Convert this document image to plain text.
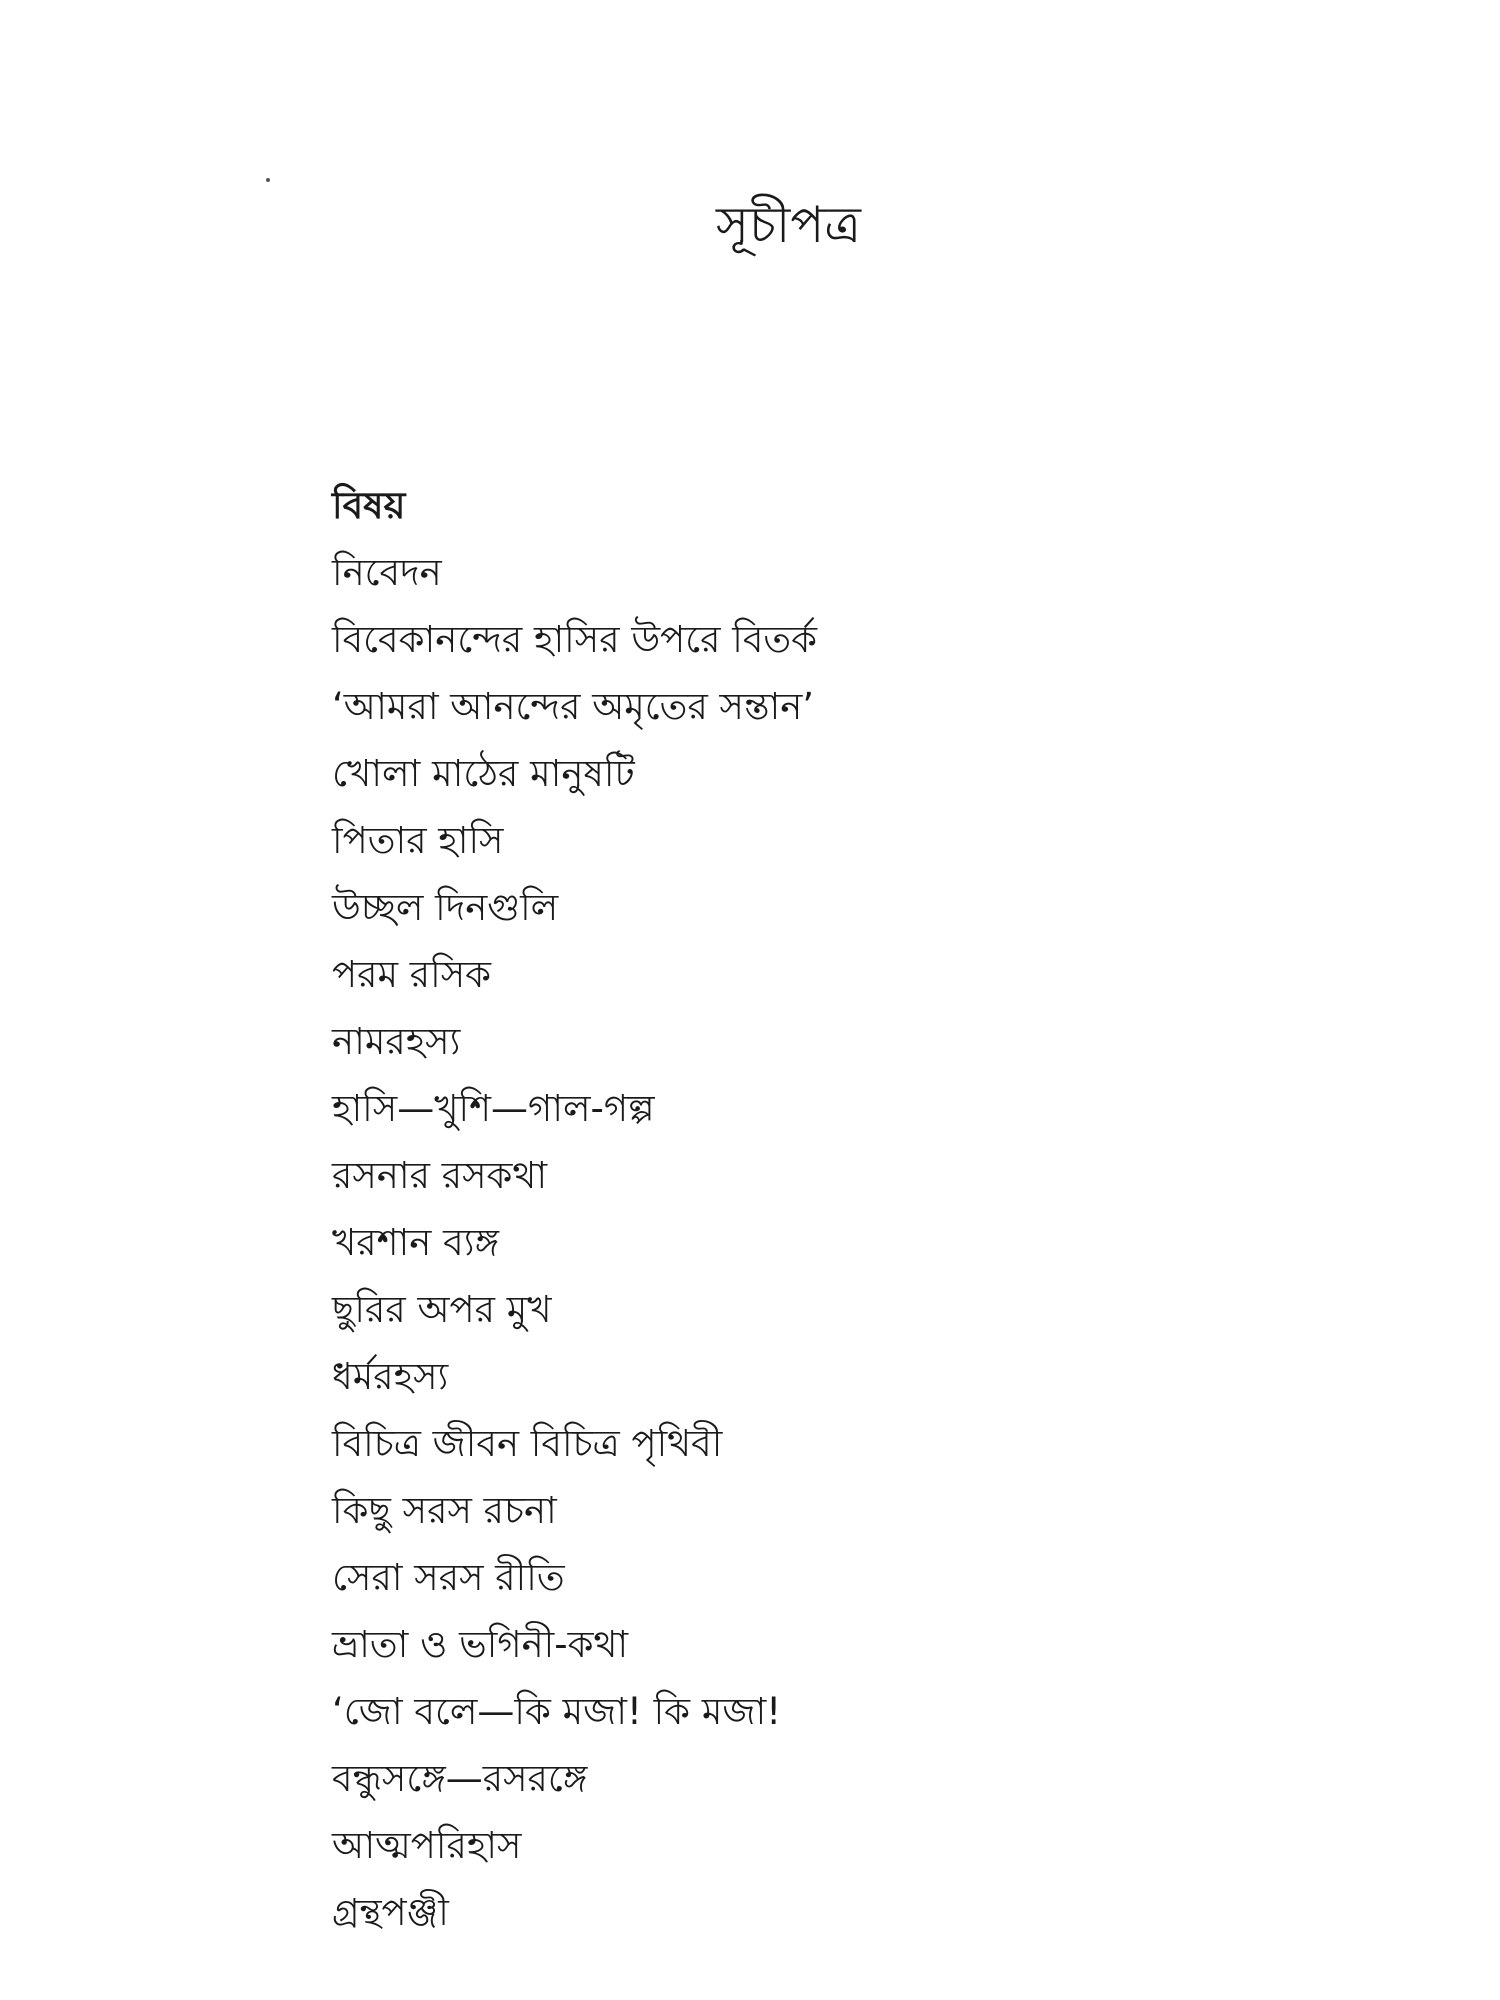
সূচীপত্র
বিষয়
নিবেদন
বিবেকানন্দের হাসির উপরে বিতর্ক
‘আমরা আনন্দের অমৃতের সন্তান’
খোলা মাঠের মানুষটি
পিতার হাসি
উচ্ছল দিনগুলি
পরম রসিক
নামরহস্য
হাসি—খুশি—গাল-গল্প
রসনার রসকথা
খরশান ব্যঙ্গ
ছুরির অপর মুখ
ধর্মরহস্য
বিচিত্র জীবন বিচিত্র পৃথিবী
কিছু সরস রচনা
সেরা সরস রীতি
ভ্রাতা ও ভগিনী-কথা
‘জো বলে—কি মজা! কি মজা!
বন্ধুসঙ্গে—রসরঙ্গে
আত্মপরিহাস
গ্রন্থপঞ্জী
